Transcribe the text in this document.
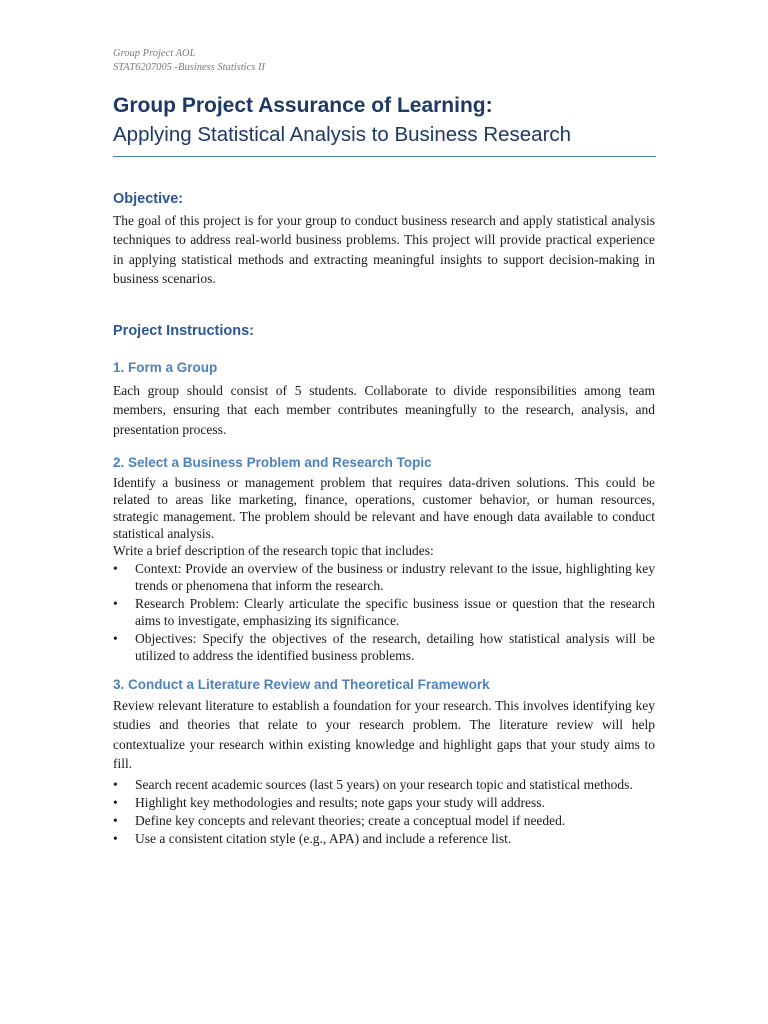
Group Project AOL
STAT6207005 -Business Statistics II
Group Project Assurance of Learning:
Applying Statistical Analysis to Business Research
Objective:
The goal of this project is for your group to conduct business research and apply statistical analysis techniques to address real-world business problems. This project will provide practical experience in applying statistical methods and extracting meaningful insights to support decision-making in business scenarios.
Project Instructions:
1. Form a Group
Each group should consist of 5 students. Collaborate to divide responsibilities among team members, ensuring that each member contributes meaningfully to the research, analysis, and presentation process.
2. Select a Business Problem and Research Topic
Identify a business or management problem that requires data-driven solutions. This could be related to areas like marketing, finance, operations, customer behavior, or human resources, strategic management. The problem should be relevant and have enough data available to conduct statistical analysis.
Write a brief description of the research topic that includes:
•	Context: Provide an overview of the business or industry relevant to the issue, highlighting key trends or phenomena that inform the research.
•	Research Problem: Clearly articulate the specific business issue or question that the research aims to investigate, emphasizing its significance.
•	Objectives: Specify the objectives of the research, detailing how statistical analysis will be utilized to address the identified business problems.
3. Conduct a Literature Review and Theoretical Framework
Review relevant literature to establish a foundation for your research. This involves identifying key studies and theories that relate to your research problem. The literature review will help contextualize your research within existing knowledge and highlight gaps that your study aims to fill.
•	Search recent academic sources (last 5 years) on your research topic and statistical methods.
•	Highlight key methodologies and results; note gaps your study will address.
•	Define key concepts and relevant theories; create a conceptual model if needed.
•	Use a consistent citation style (e.g., APA) and include a reference list.
